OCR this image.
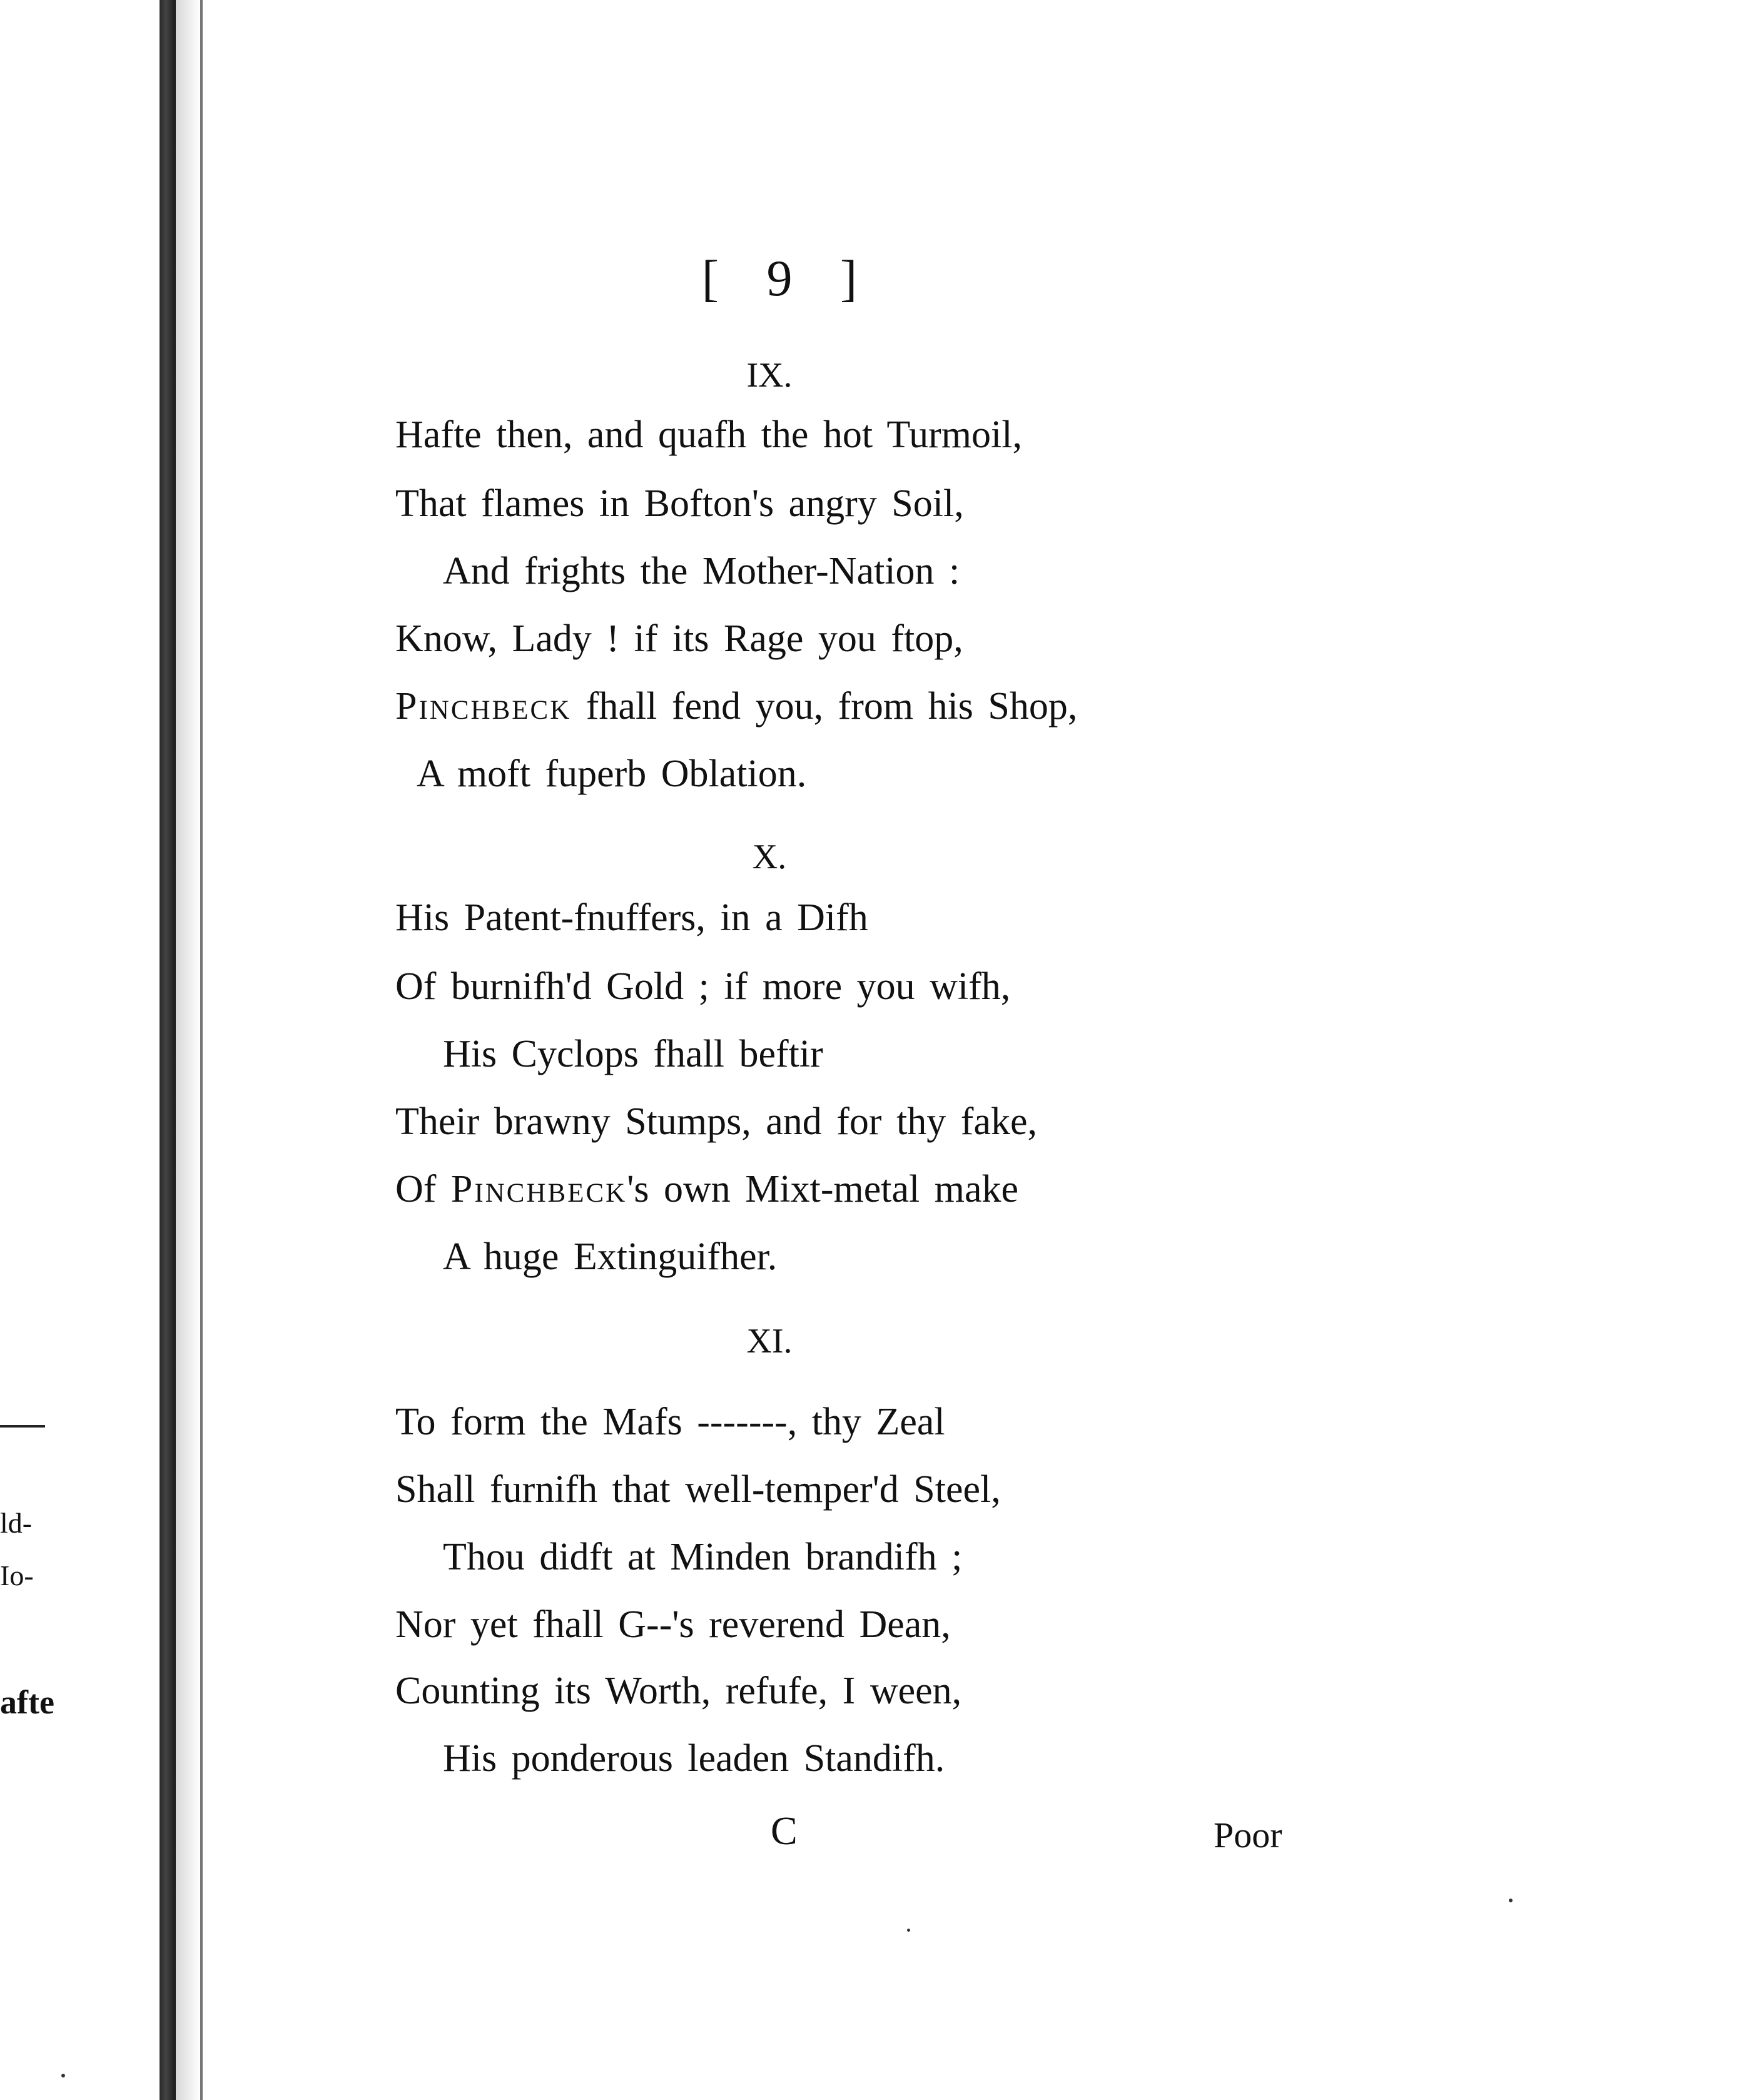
ld-
Io-
afte
[ 9 ]
IX.
Hafte then, and quafh the hot Turmoil,
That flames in Bofton's angry Soil,
And frights the Mother-Nation :
Know, Lady ! if its Rage you ftop,
Pinchbeck fhall fend you, from his Shop,
A moft fuperb Oblation.
X.
His Patent-fnuffers, in a Difh
Of burnifh'd Gold ; if more you wifh,
His Cyclops fhall beftir
Their brawny Stumps, and for thy fake,
Of Pinchbeck's own Mixt-metal make
A huge Extinguifher.
XI.
To form the Mafs -------, thy Zeal
Shall furnifh that well-temper'd Steel,
Thou didft at Minden brandifh ;
Nor yet fhall G--'s reverend Dean,
Counting its Worth, refufe, I ween,
His ponderous leaden Standifh.
C	Poor
